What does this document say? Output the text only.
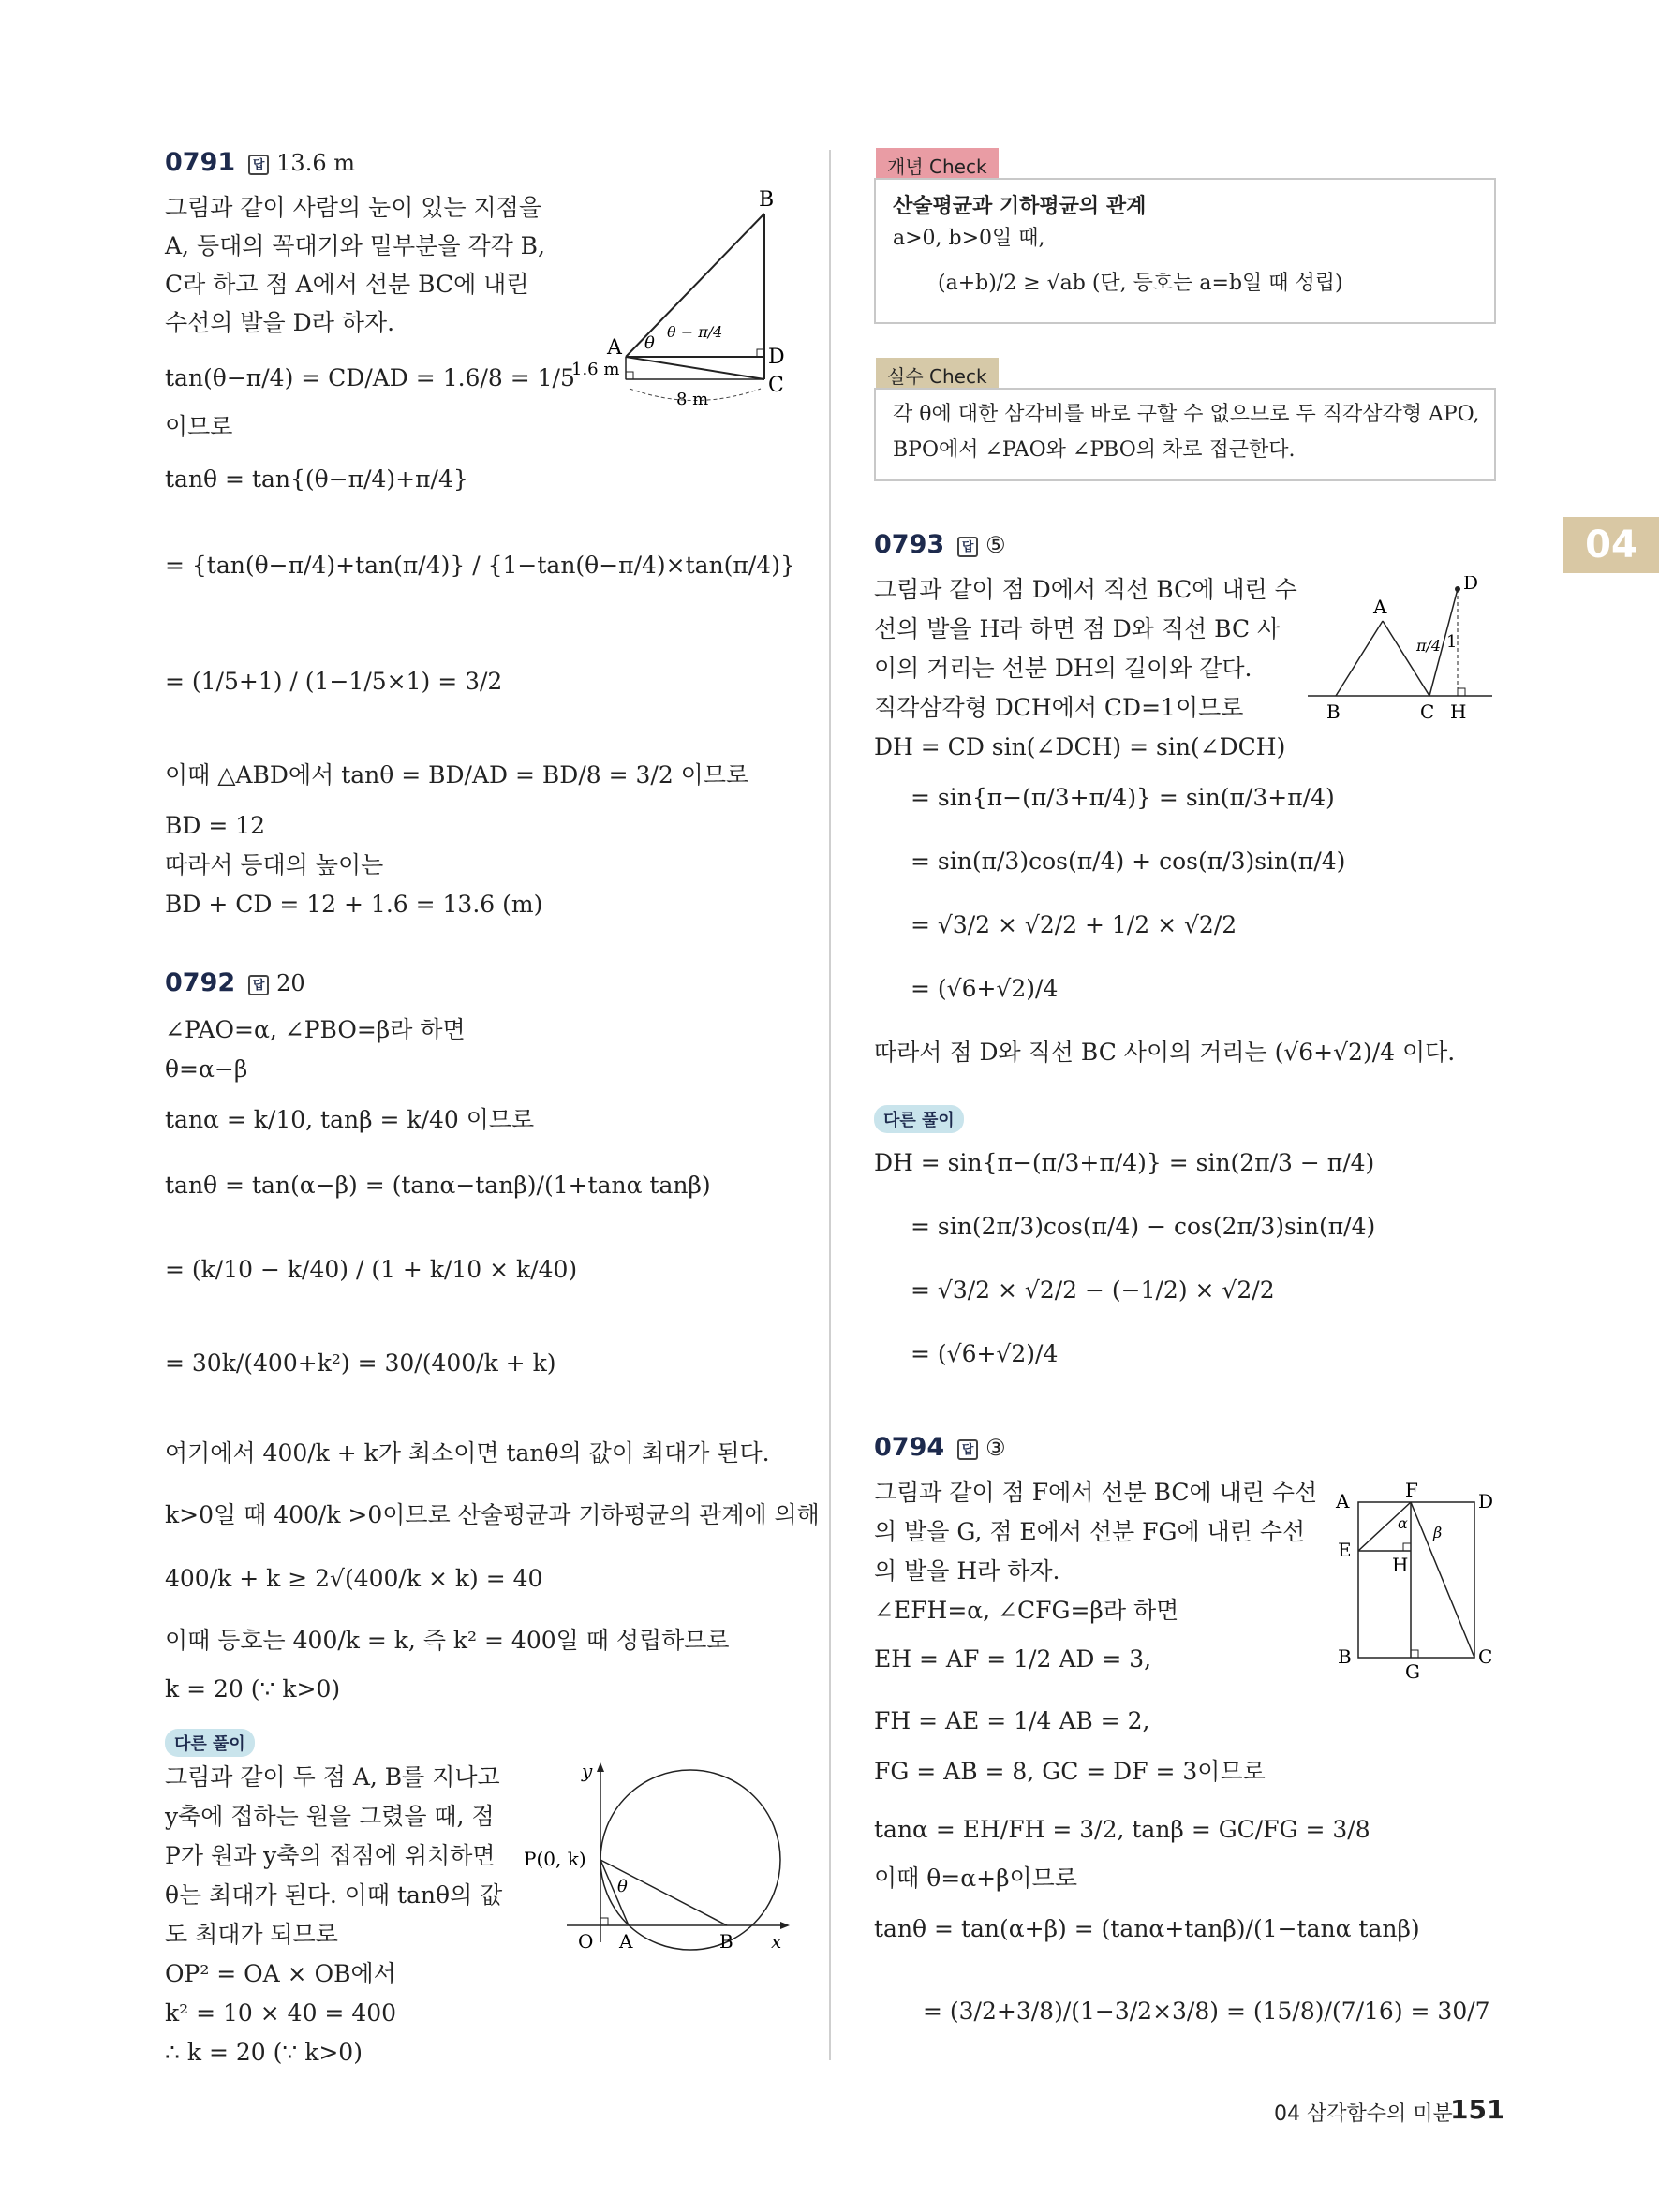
0791 답 13.6 m
그림과 같이 사람의 눈이 있는 지점을
A, 등대의 꼭대기와 밑부분을 각각 B,
C라 하고 점 A에서 선분 BC에 내린
수선의 발을 D라 하자.
tan(θ−π/4) = CD/AD = 1.6/8 = 1/5
이므로
tanθ = tan{(θ−π/4)+π/4}
= {tan(θ−π/4)+tan(π/4)} / {1−tan(θ−π/4)×tan(π/4)}
= (1/5+1) / (1−1/5×1) = 3/2
이때 △ABD에서 tanθ = BD/AD = BD/8 = 3/2 이므로
BD = 12
따라서 등대의 높이는
BD + CD = 12 + 1.6 = 13.6 (m)
B
A	D
C
θ
θ − π/4
1.6 m
8 m
0792 답 20
∠PAO=α, ∠PBO=β라 하면
θ=α−β
tanα = k/10, tanβ = k/40 이므로
tanθ = tan(α−β) = (tanα−tanβ)/(1+tanα tanβ)
= (k/10 − k/40) / (1 + k/10 × k/40)
= 30k/(400+k²) = 30/(400/k + k)
여기에서 400/k + k가 최소이면 tanθ의 값이 최대가 된다.
k>0일 때 400/k >0이므로 산술평균과 기하평균의 관계에 의해
400/k + k ≥ 2√(400/k × k) = 40
이때 등호는 400/k = k, 즉 k² = 400일 때 성립하므로
k = 20 (∵ k>0)
다른 풀이
그림과 같이 두 점 A, B를 지나고
y축에 접하는 원을 그렸을 때, 점
P가 원과 y축의 접점에 위치하면
θ는 최대가 된다. 이때 tanθ의 값
도 최대가 되므로
OP² = OA × OB에서
k² = 10 × 40 = 400
∴ k = 20 (∵ k>0)
y
x
P(0, k)
O A	B
θ
개념 Check
산술평균과 기하평균의 관계
a>0, b>0일 때,
(a+b)/2 ≥ √ab (단, 등호는 a=b일 때 성립)
실수 Check
각 θ에 대한 삼각비를 바로 구할 수 없으므로 두 직각삼각형 APO,
BPO에서 ∠PAO와 ∠PBO의 차로 접근한다.
04
0793 답 ⑤
그림과 같이 점 D에서 직선 BC에 내린 수
선의 발을 H라 하면 점 D와 직선 BC 사
이의 거리는 선분 DH의 길이와 같다.
직각삼각형 DCH에서 CD=1이므로
DH = CD sin(∠DCH) = sin(∠DCH)
= sin{π−(π/3+π/4)} = sin(π/3+π/4)
= sin(π/3)cos(π/4) + cos(π/3)sin(π/4)
= √3/2 × √2/2 + 1/2 × √2/2
= (√6+√2)/4
따라서 점 D와 직선 BC 사이의 거리는 (√6+√2)/4 이다.
A
B	C H
D
π/4 1
다른 풀이
DH = sin{π−(π/3+π/4)} = sin(2π/3 − π/4)
= sin(2π/3)cos(π/4) − cos(2π/3)sin(π/4)
= √3/2 × √2/2 − (−1/2) × √2/2
= (√6+√2)/4
0794 답 ③
그림과 같이 점 F에서 선분 BC에 내린 수선
의 발을 G, 점 E에서 선분 FG에 내린 수선
의 발을 H라 하자.
∠EFH=α, ∠CFG=β라 하면
EH = AF = 1/2 AD = 3,
FH = AE = 1/4 AB = 2,
FG = AB = 8, GC = DF = 3이므로
tanα = EH/FH = 3/2, tanβ = GC/FG = 3/8
이때 θ=α+β이므로
tanθ = tan(α+β) = (tanα+tanβ)/(1−tanα tanβ)
= (3/2+3/8)/(1−3/2×3/8) = (15/8)/(7/16) = 30/7
A	F	D
E
H
B
G
C
α
β
04 삼각함수의 미분
151
